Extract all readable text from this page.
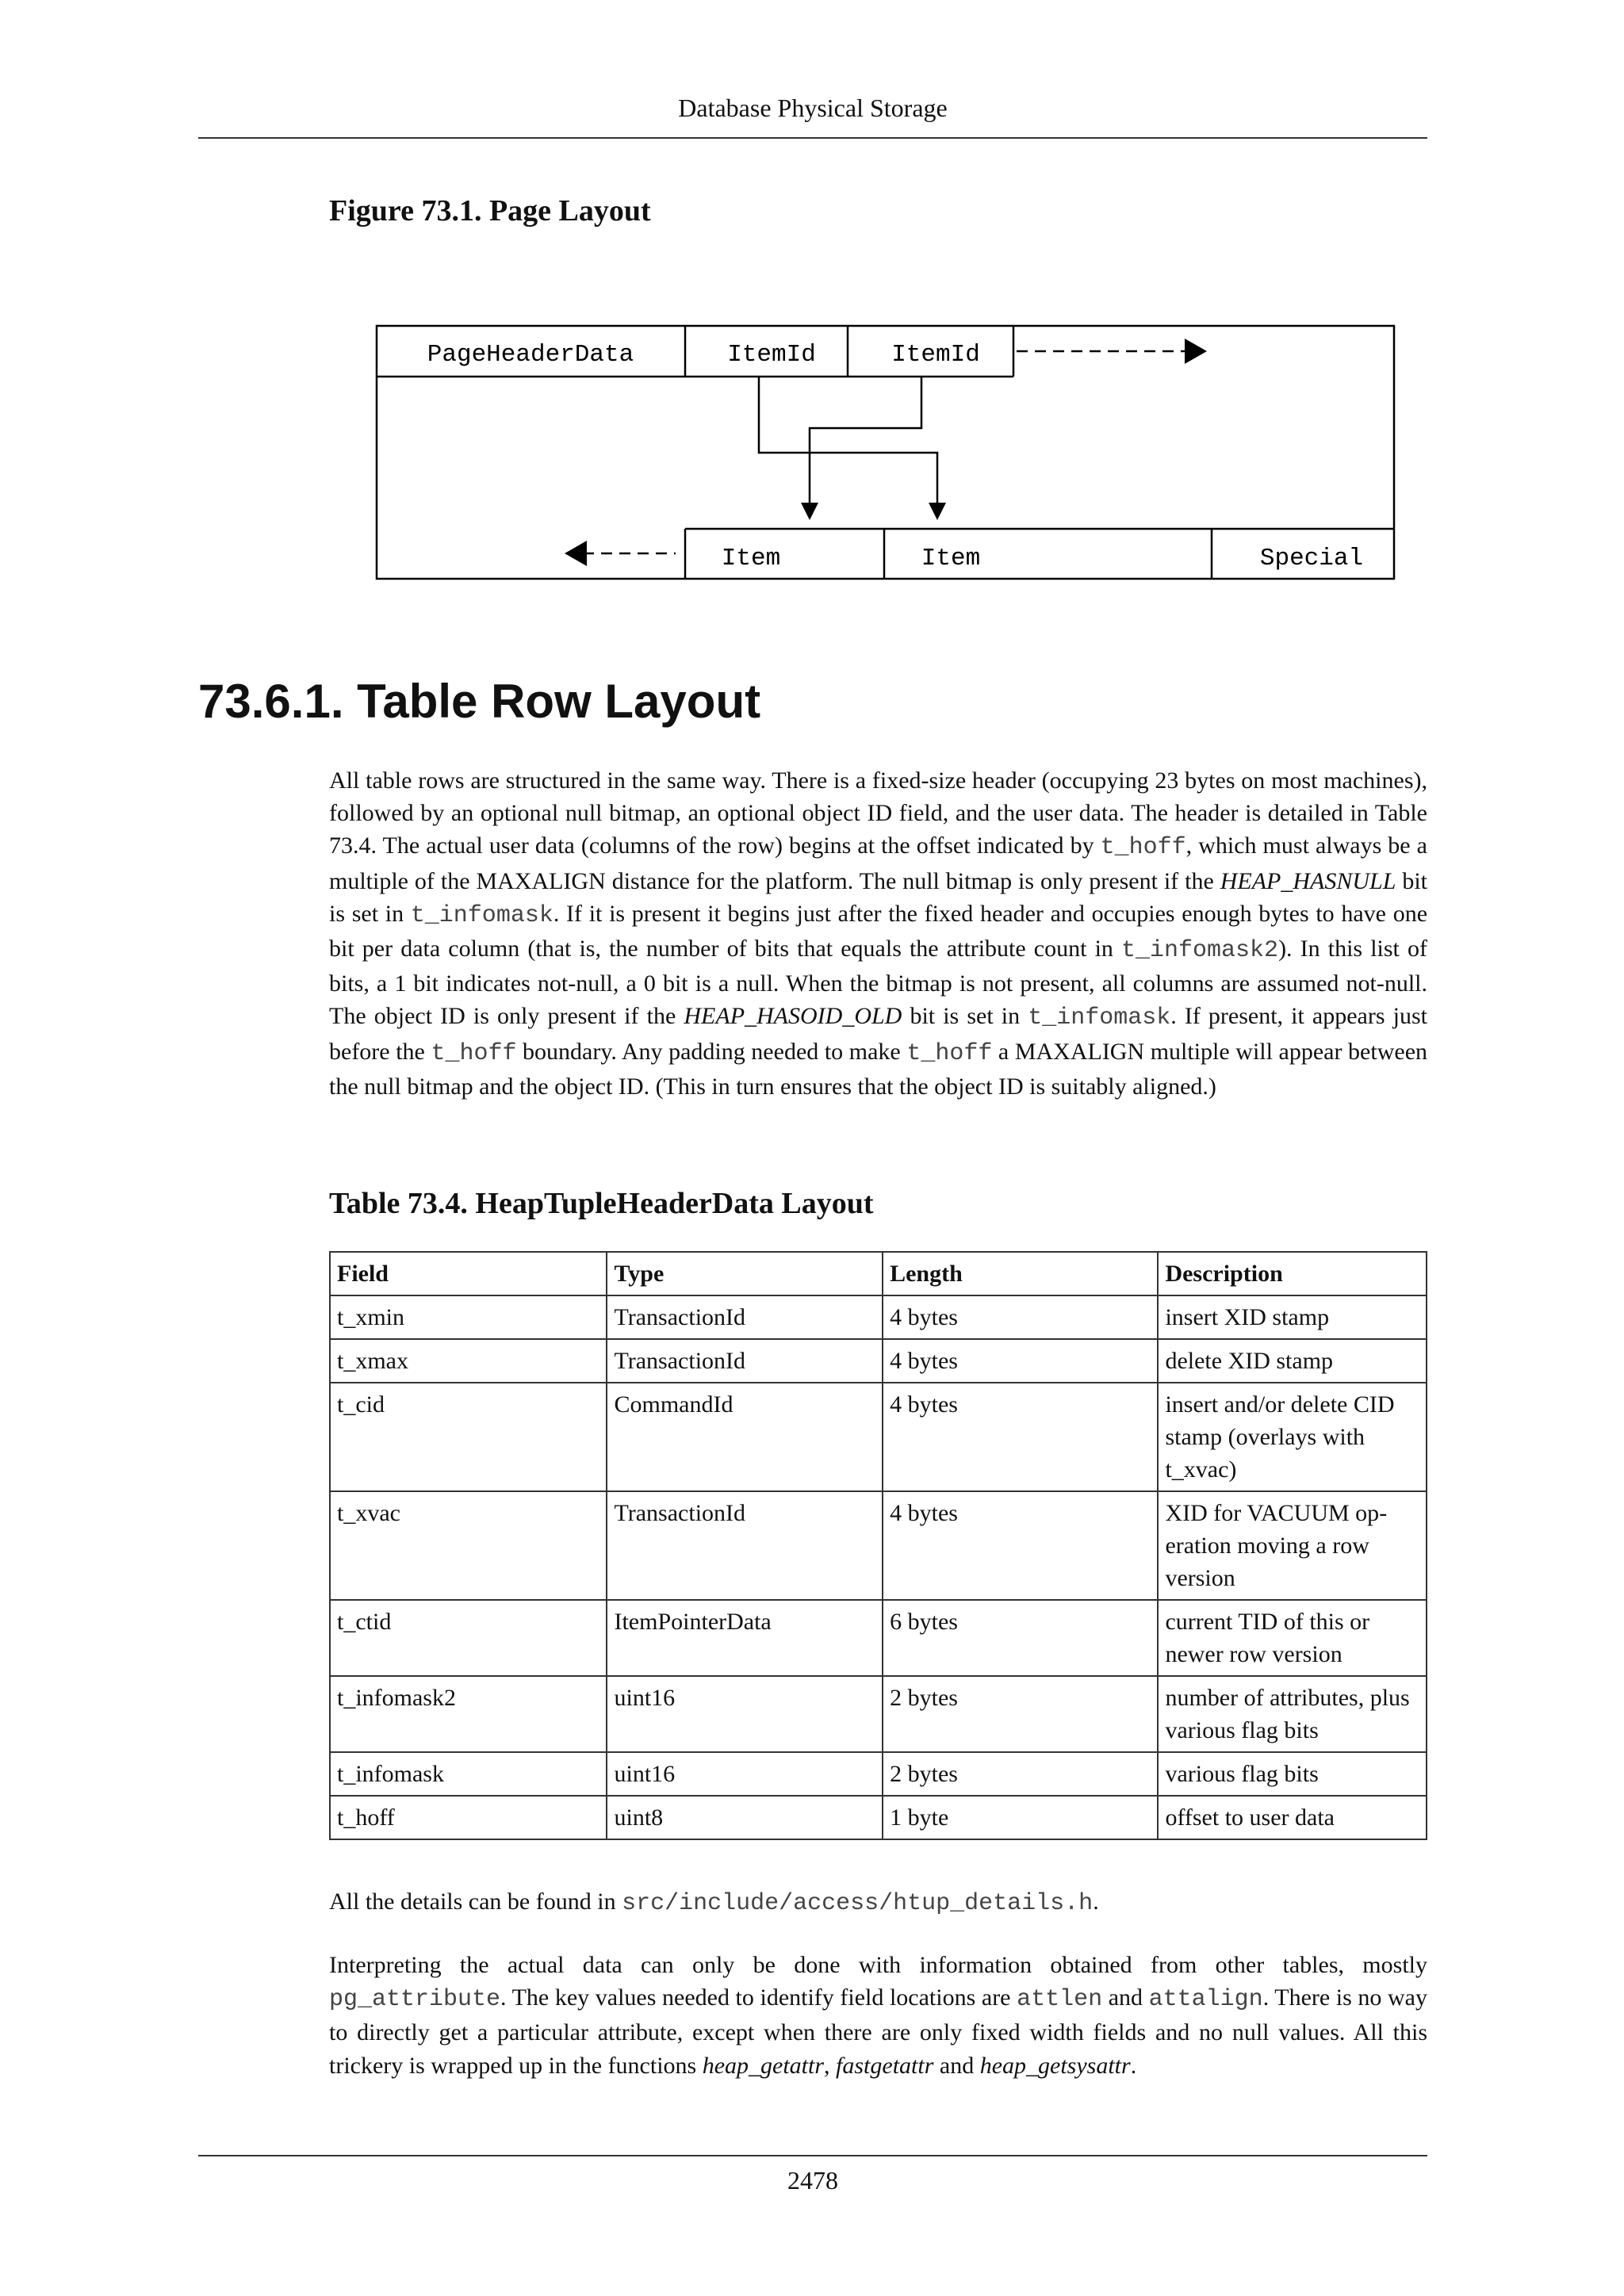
Database Physical Storage
Figure 73.1. Page Layout
PageHeaderData	ItemId	ItemId
Item	Item	Special
73.6.1. Table Row Layout
All table rows are structured in the same way. There is a fixed-size header (occupying 23 bytes on most machines), followed by an optional null bitmap, an optional object ID field, and the user data. The header is detailed in Table 73.4. The actual user data (columns of the row) begins at the offset indicated by t_hoff, which must always be a multiple of the MAXALIGN distance for the platform. The null bitmap is only present if the HEAP_HASNULL bit is set in t_infomask. If it is present it begins just after the fixed header and occupies enough bytes to have one bit per data column (that is, the number of bits that equals the attribute count in t_infomask2). In this list of bits, a 1 bit indicates not-null, a 0 bit is a null. When the bitmap is not present, all columns are assumed not-null. The object ID is only present if the HEAP_HASOID_OLD bit is set in t_infomask. If present, it appears just before the t_hoff boundary. Any padding needed to make t_hoff a MAXALIGN multiple will appear between the null bitmap and the object ID. (This in turn ensures that the object ID is suitably aligned.)
Table 73.4. HeapTupleHeaderData Layout
Field	Type	Length	Description
t_xmin	TransactionId	4 bytes	insert XID stamp
t_xmax	TransactionId	4 bytes	delete XID stamp
t_cid	CommandId	4 bytes	insert and/or delete CID stamp (overlays with t_xvac)
t_xvac	TransactionId	4 bytes	XID for VACUUM operation moving a row version
t_ctid	ItemPointerData	6 bytes	current TID of this or newer row version
t_infomask2	uint16	2 bytes	number of attributes, plus various flag bits
t_infomask	uint16	2 bytes	various flag bits
t_hoff	uint8	1 byte	offset to user data
All the details can be found in src/include/access/htup_details.h.
Interpreting the actual data can only be done with information obtained from other tables, mostly pg_attribute. The key values needed to identify field locations are attlen and attalign. There is no way to directly get a particular attribute, except when there are only fixed width fields and no null values. All this trickery is wrapped up in the functions heap_getattr, fastgetattr and heap_getsysattr.
2478
